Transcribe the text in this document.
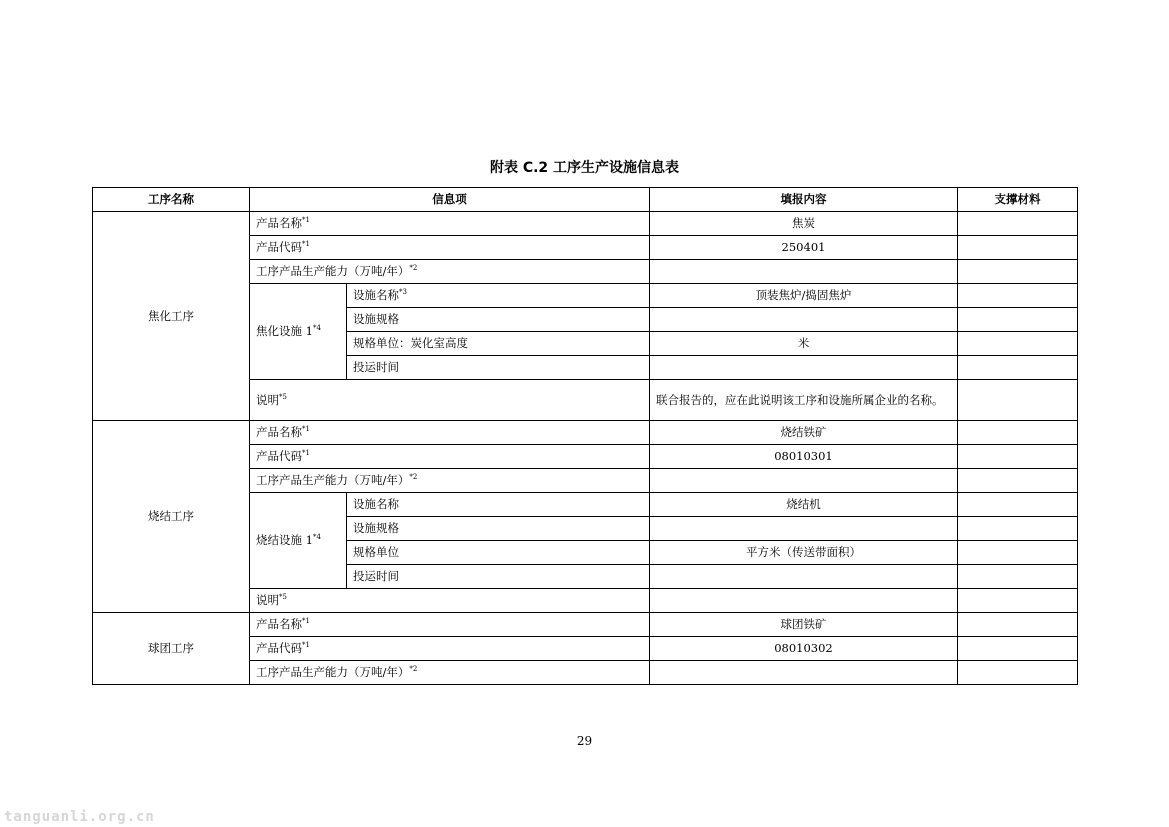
附表 C.2 工序生产设施信息表
工序名称	信息项		填报内容	支撑材料
焦化工序	产品名称$^{*1}$		焦炭	
	产品代码$^{*1}$		250401	
	工序产品生产能力（万吨/年）$^{*2}$		
	焦化设施 1$^{*4}$	设施名称$^{*3}$	顶装焦炉/捣固焦炉	
		设施规格		
		规格单位：炭化室高度	米	
		投运时间		
	说明$^{*5}$		联合报告的，应在此说明该工序和设施所属企业的名称。	
烧结工序	产品名称$^{*1}$		烧结铁矿	
	产品代码$^{*1}$		08010301	
	工序产品生产能力（万吨/年）$^{*2}$		
	烧结设施 1$^{*4}$	设施名称	烧结机	
		设施规格		
		规格单位	平方米（传送带面积）	
		投运时间		
	说明$^{*5}$		
球团工序	产品名称$^{*1}$		球团铁矿	
	产品代码$^{*1}$		08010302	
	工序产品生产能力（万吨/年）$^{*2}$		
29
tanguanli.org.cn
